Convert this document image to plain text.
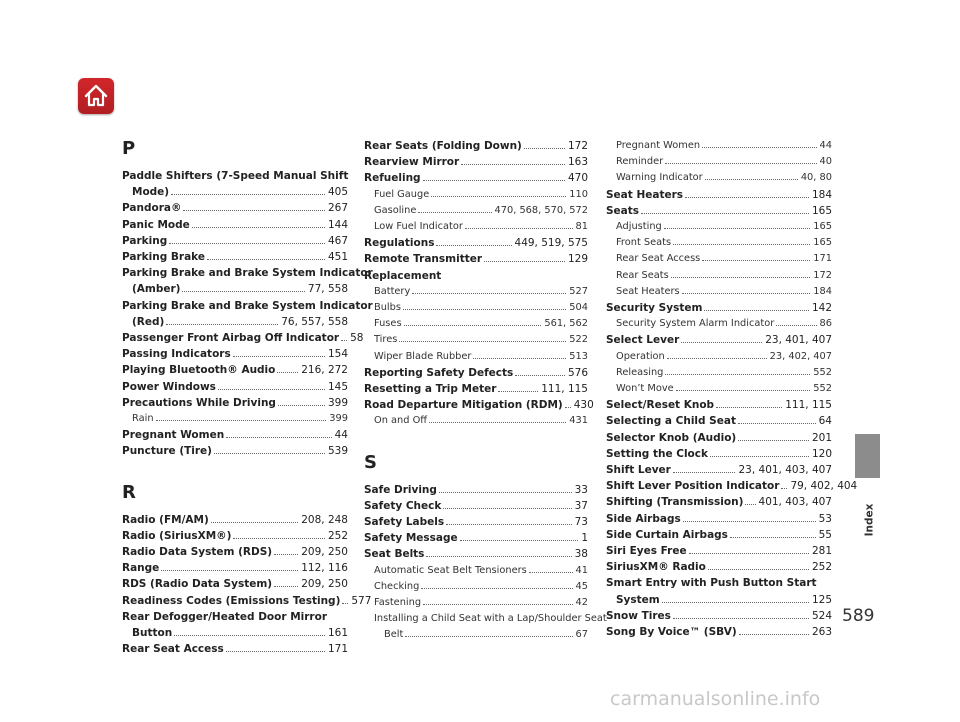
P
Paddle Shifters (7-Speed Manual Shift
Mode)	405
Pandora®	267
Panic Mode	144
Parking	467
Parking Brake	451
Parking Brake and Brake System Indicator
(Amber)	77, 558
Parking Brake and Brake System Indicator
(Red)	76, 557, 558
Passenger Front Airbag Off Indicator 58
Passing Indicators	154
Playing Bluetooth® Audio 216, 272
Power Windows	145
Precautions While Driving	399
Rain	399
Pregnant Women	44
Puncture (Tire)	539
R
Radio (FM/AM)	208, 248
Radio (SiriusXM®)	252
Radio Data System (RDS)	209, 250
Range	112, 116
RDS (Radio Data System)	209, 250
Readiness Codes (Emissions Testing) 577
Rear Defogger/Heated Door Mirror
Button	161
Rear Seat Access	171
Rear Seats (Folding Down)	172
Rearview Mirror	163
Refueling	470
Fuel Gauge	110
Gasoline	470, 568, 570, 572
Low Fuel Indicator	81
Regulations	449, 519, 575
Remote Transmitter	129
Replacement
Battery	527
Bulbs	504
Fuses	561, 562
Tires	522
Wiper Blade Rubber	513
Reporting Safety Defects	576
Resetting a Trip Meter	111, 115
Road Departure Mitigation (RDM) 430
On and Off	431
S
Safe Driving	33
Safety Check	37
Safety Labels	73
Safety Message	1
Seat Belts	38
Automatic Seat Belt Tensioners	41
Checking	45
Fastening	42
Installing a Child Seat with a Lap/Shoulder Seat
Belt	67
Pregnant Women	44
Reminder	40
Warning Indicator	40, 80
Seat Heaters	184
Seats	165
Adjusting	165
Front Seats	165
Rear Seat Access	171
Rear Seats	172
Seat Heaters	184
Security System	142
Security System Alarm Indicator	86
Select Lever	23, 401, 407
Operation	23, 402, 407
Releasing	552
Won’t Move	552
Select/Reset Knob	111, 115
Selecting a Child Seat	64
Selector Knob (Audio)	201
Setting the Clock	120
Shift Lever	23, 401, 403, 407
Shift Lever Position Indicator 79, 402, 404
Shifting (Transmission) 401, 403, 407
Side Airbags	53
Side Curtain Airbags	55
Siri Eyes Free	281
SiriusXM® Radio	252
Smart Entry with Push Button Start
System	125
Snow Tires	524
Song By Voice™ (SBV)	263
Index
589
carmanualsonline.info
